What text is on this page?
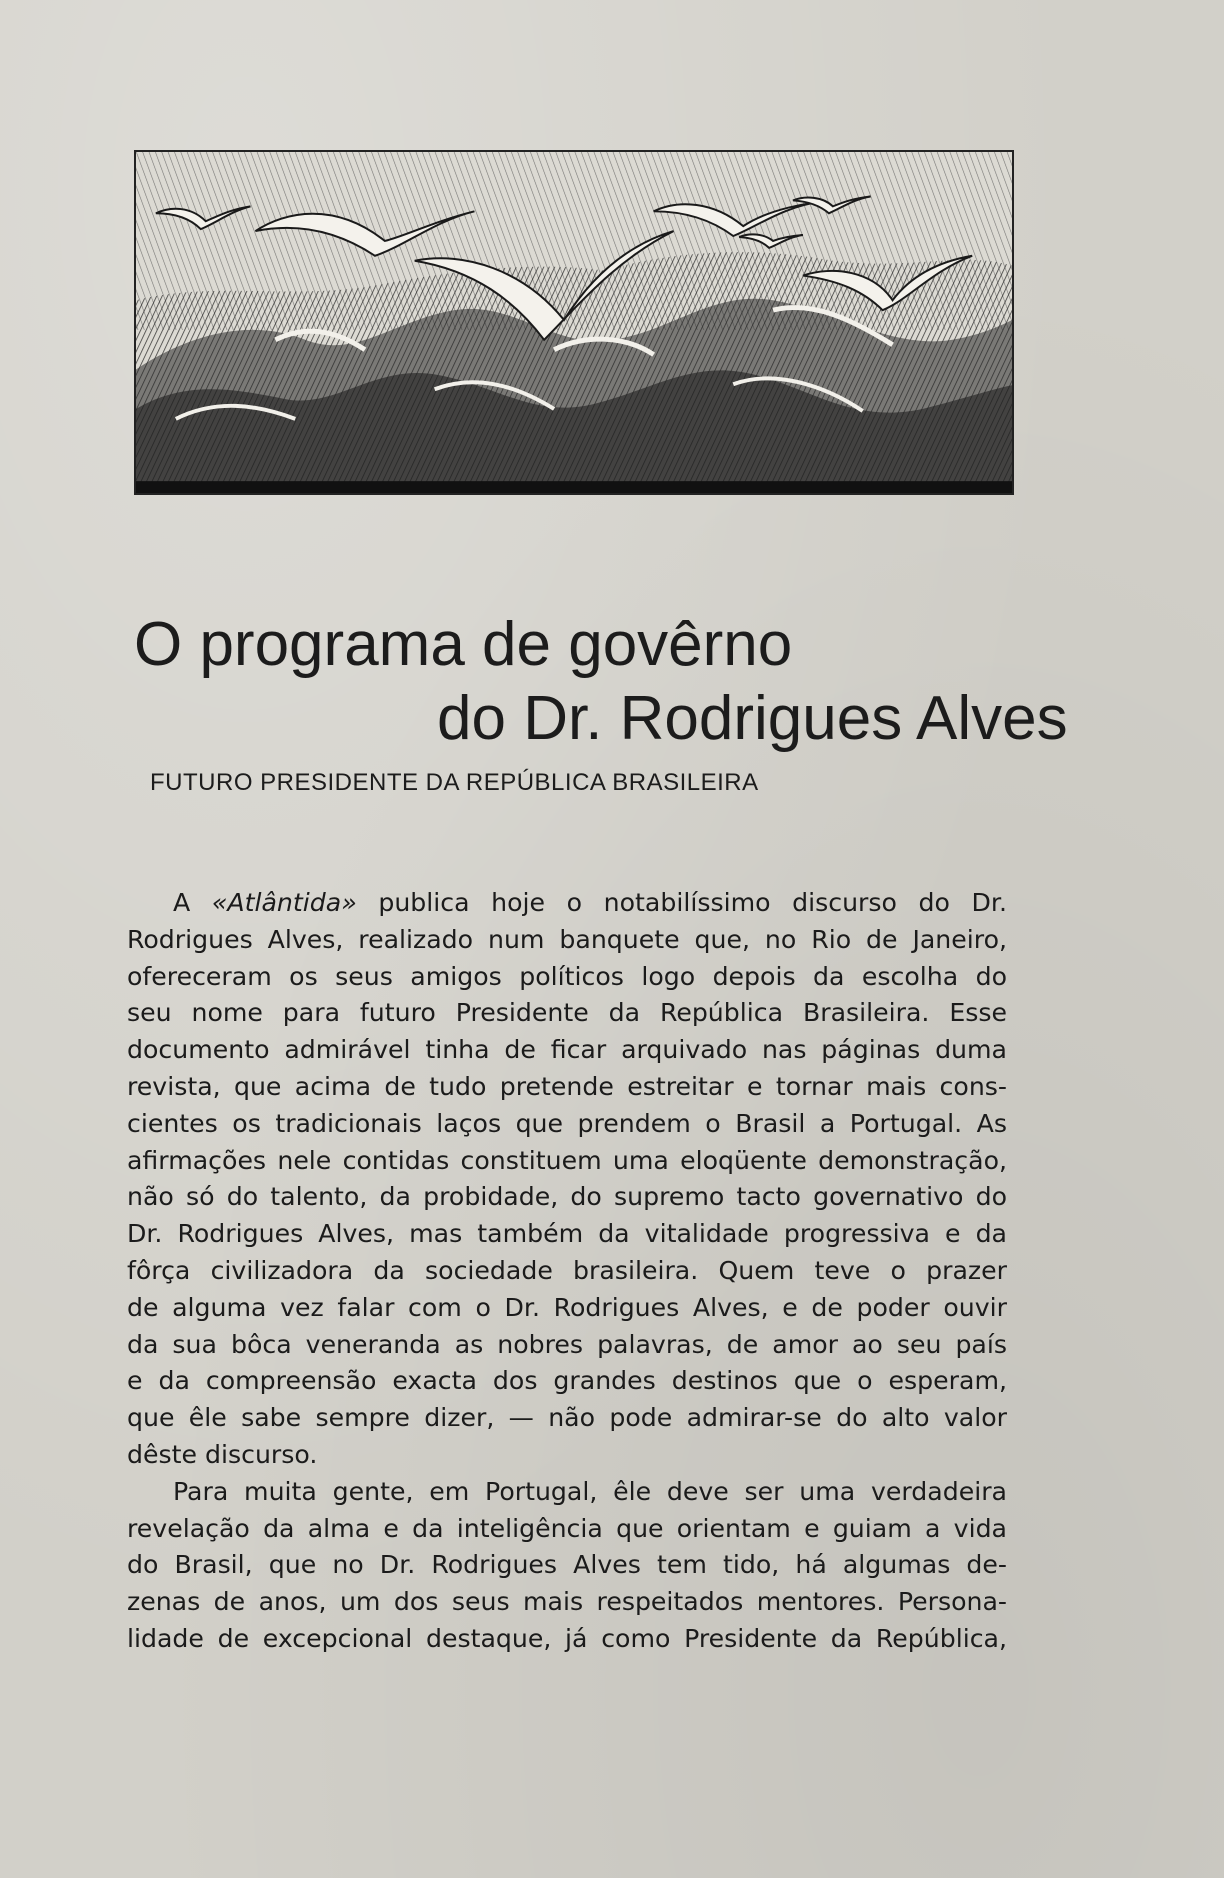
O programa de govêrno
do Dr. Rodrigues Alves
FUTURO PRESIDENTE DA REPÚBLICA BRASILEIRA

A «Atlântida» publica hoje o notabilíssimo discurso do Dr.
Rodrigues Alves, realizado num banquete que, no Rio de Janeiro,
ofereceram os seus amigos políticos logo depois da escolha do
seu nome para futuro Presidente da República Brasileira. Esse
documento admirável tinha de ficar arquivado nas páginas duma
revista, que acima de tudo pretende estreitar e tornar mais cons-
cientes os tradicionais laços que prendem o Brasil a Portugal. As
afirmações nele contidas constituem uma eloqüente demonstração,
não só do talento, da probidade, do supremo tacto governativo do
Dr. Rodrigues Alves, mas também da vitalidade progressiva e da
fôrça civilizadora da sociedade brasileira. Quem teve o prazer
de alguma vez falar com o Dr. Rodrigues Alves, e de poder ouvir
da sua bôca veneranda as nobres palavras, de amor ao seu país
e da compreensão exacta dos grandes destinos que o esperam,
que êle sabe sempre dizer, — não pode admirar-se do alto valor
dêste discurso.

Para muita gente, em Portugal, êle deve ser uma verdadeira
revelação da alma e da inteligência que orientam e guiam a vida
do Brasil, que no Dr. Rodrigues Alves tem tido, há algumas de-
zenas de anos, um dos seus mais respeitados mentores. Persona-
lidade de excepcional destaque, já como Presidente da República,
